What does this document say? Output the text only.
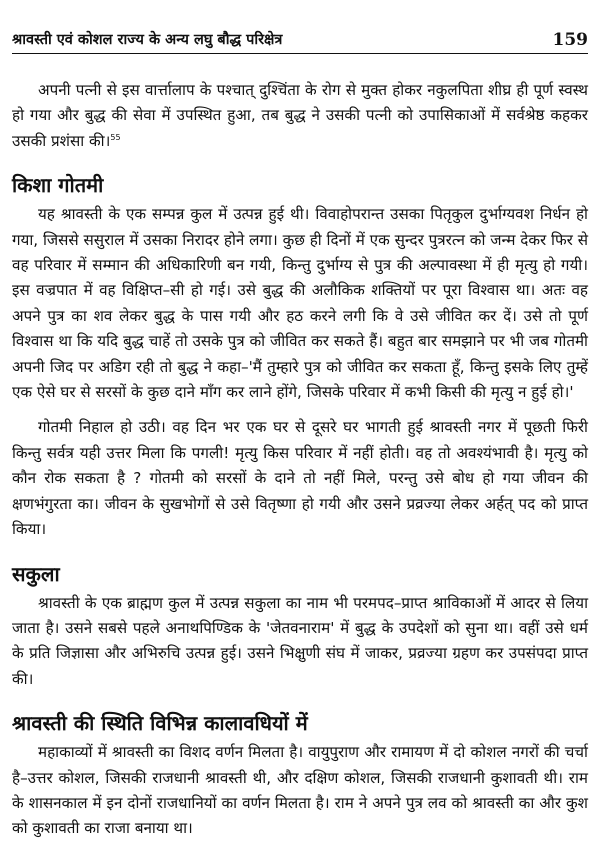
श्रावस्ती एवं कोशल राज्य के अन्य लघु बौद्ध परिक्षेत्र	159

अपनी पत्नी से इस वार्त्तालाप के पश्चात् दुश्चिंता के रोग से मुक्त होकर नकुलपिता शीघ्र ही पूर्ण स्वस्थ हो गया और बुद्ध की सेवा में उपस्थित हुआ, तब बुद्ध ने उसकी पत्नी को उपासिकाओं में सर्वश्रेष्ठ कहकर उसकी प्रशंसा की।$^{55}$

किशा गोतमी

यह श्रावस्ती के एक सम्पन्न कुल में उत्पन्न हुई थी। विवाहोपरान्त उसका पितृकुल दुर्भाग्यवश निर्धन हो गया, जिससे ससुराल में उसका निरादर होने लगा। कुछ ही दिनों में एक सुन्दर पुत्ररत्न को जन्म देकर फिर से वह परिवार में सम्मान की अधिकारिणी बन गयी, किन्तु दुर्भाग्य से पुत्र की अल्पावस्था में ही मृत्यु हो गयी। इस वज्रपात में वह विक्षिप्त–सी हो गई। उसे बुद्ध की अलौकिक शक्तियों पर पूरा विश्वास था। अतः वह अपने पुत्र का शव लेकर बुद्ध के पास गयी और हठ करने लगी कि वे उसे जीवित कर दें। उसे तो पूर्ण विश्वास था कि यदि बुद्ध चाहें तो उसके पुत्र को जीवित कर सकते हैं। बहुत बार समझाने पर भी जब गोतमी अपनी जिद पर अडिग रही तो बुद्ध ने कहा–'मैं तुम्हारे पुत्र को जीवित कर सकता हूँ, किन्तु इसके लिए तुम्हें एक ऐसे घर से सरसों के कुछ दाने माँग कर लाने होंगे, जिसके परिवार में कभी किसी की मृत्यु न हुई हो।'

गोतमी निहाल हो उठी। वह दिन भर एक घर से दूसरे घर भागती हुई श्रावस्ती नगर में पूछती फिरी किन्तु सर्वत्र यही उत्तर मिला कि पगली! मृत्यु किस परिवार में नहीं होती। वह तो अवश्यंभावी है। मृत्यु को कौन रोक सकता है ? गोतमी को सरसों के दाने तो नहीं मिले, परन्तु उसे बोध हो गया जीवन की क्षणभंगुरता का। जीवन के सुखभोगों से उसे वितृष्णा हो गयी और उसने प्रव्रज्या लेकर अर्हत् पद को प्राप्त किया।

सकुला

श्रावस्ती के एक ब्राह्मण कुल में उत्पन्न सकुला का नाम भी परमपद–प्राप्त श्राविकाओं में आदर से लिया जाता है। उसने सबसे पहले अनाथपिण्डिक के 'जेतवनाराम' में बुद्ध के उपदेशों को सुना था। वहीं उसे धर्म के प्रति जिज्ञासा और अभिरुचि उत्पन्न हुई। उसने भिक्षुणी संघ में जाकर, प्रव्रज्या ग्रहण कर उपसंपदा प्राप्त की।

श्रावस्ती की स्थिति विभिन्न कालावधियों में

महाकाव्यों में श्रावस्ती का विशद वर्णन मिलता है। वायुपुराण और रामायण में दो कोशल नगरों की चर्चा है–उत्तर कोशल, जिसकी राजधानी श्रावस्ती थी, और दक्षिण कोशल, जिसकी राजधानी कुशावती थी। राम के शासनकाल में इन दोनों राजधानियों का वर्णन मिलता है। राम ने अपने पुत्र लव को श्रावस्ती का और कुश को कुशावती का राजा बनाया था।
